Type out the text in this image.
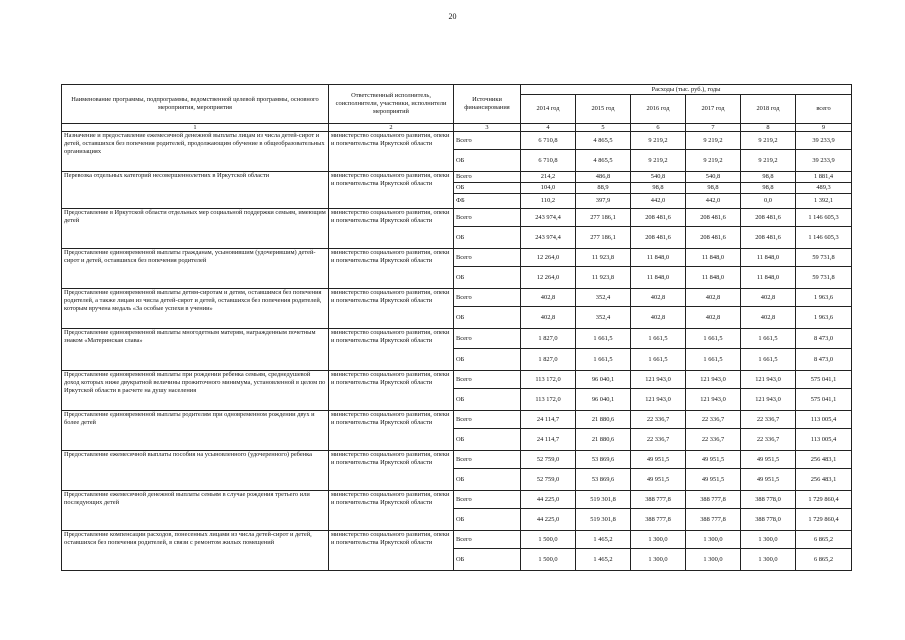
20
Наименование программы, подпрограммы, ведомственной целевой программы, основного мероприятия, мероприятия	Ответственный исполнитель, соисполнители, участники, исполнители мероприятий	Источники финансирования	Расходы (тыс. руб.), годы					
			2014 год	2015 год	2016 год	2017 год	2018 год	всего
1	2	3	4	5	6	7	8	9
Назначение и предоставление ежемесячной денежной выплаты лицам из числа детей-сирот и детей, оставшихся без попечения родителей, продолжающим обучение в общеобразовательных организациях	министерство социального развития, опеки и попечительства Иркутской области	Всего	6 710,8	4 865,5	9 219,2	9 219,2	9 219,2	39 233,9
		ОБ	6 710,8	4 865,5	9 219,2	9 219,2	9 219,2	39 233,9
Перевозка отдельных категорий несовершеннолетних в Иркутской области	министерство социального развития, опеки и попечительства Иркутской области	Всего	214,2	486,8	540,8	540,8	98,8	1 881,4
		ОБ	104,0	88,9	98,8	98,8	98,8	489,3
		ФБ	110,2	397,9	442,0	442,0	0,0	1 392,1
Предоставление в Иркутской области отдельных мер социальной поддержки семьям, имеющим детей	министерство социального развития, опеки и попечительства Иркутской области	Всего	243 974,4	277 186,1	208 481,6	208 481,6	208 481,6	1 146 605,3
		ОБ	243 974,4	277 186,1	208 481,6	208 481,6	208 481,6	1 146 605,3
Предоставление единовременной выплаты гражданам, усыновившим (удочерившим) детей-сирот и детей, оставшихся без попечения родителей	министерство социального развития, опеки и попечительства Иркутской области	Всего	12 264,0	11 923,8	11 848,0	11 848,0	11 848,0	59 731,8
		ОБ	12 264,0	11 923,8	11 848,0	11 848,0	11 848,0	59 731,8
Предоставление единовременной выплаты детям-сиротам и детям, оставшимся без попечения родителей, а также лицам из числа детей-сирот и детей, оставшихся без попечения родителей, которым вручена медаль «За особые успехи в учении»	министерство социального развития, опеки и попечительства Иркутской области	Всего	402,8	352,4	402,8	402,8	402,8	1 963,6
		ОБ	402,8	352,4	402,8	402,8	402,8	1 963,6
Предоставление единовременной выплаты многодетным матерям, награжденным почетным знаком «Материнская слава»	министерство социального развития, опеки и попечительства Иркутской области	Всего	1 827,0	1 661,5	1 661,5	1 661,5	1 661,5	8 473,0
		ОБ	1 827,0	1 661,5	1 661,5	1 661,5	1 661,5	8 473,0
Предоставление единовременной выплаты при рождении ребенка семьям, среднедушевой доход которых ниже двукратной величины прожиточного минимума, установленной в целом по Иркутской области в расчете на душу населения	министерство социального развития, опеки и попечительства Иркутской области	Всего	113 172,0	96 040,1	121 943,0	121 943,0	121 943,0	575 041,1
		ОБ	113 172,0	96 040,1	121 943,0	121 943,0	121 943,0	575 041,1
Предоставление единовременной выплаты родителям при одновременном рождении двух и более детей	министерство социального развития, опеки и попечительства Иркутской области	Всего	24 114,7	21 880,6	22 336,7	22 336,7	22 336,7	113 005,4
		ОБ	24 114,7	21 880,6	22 336,7	22 336,7	22 336,7	113 005,4
Предоставление ежемесячной выплаты пособия на усыновленного (удочеренного) ребенка	министерство социального развития, опеки и попечительства Иркутской области	Всего	52 759,0	53 869,6	49 951,5	49 951,5	49 951,5	256 483,1
		ОБ	52 759,0	53 869,6	49 951,5	49 951,5	49 951,5	256 483,1
Предоставление ежемесячной денежной выплаты семьям в случае рождения третьего или последующих детей	министерство социального развития, опеки и попечительства Иркутской области	Всего	44 225,0	519 301,8	388 777,8	388 777,8	388 778,0	1 729 860,4
		ОБ	44 225,0	519 301,8	388 777,8	388 777,8	388 778,0	1 729 860,4
Предоставление компенсации расходов, понесенных лицами из числа детей-сирот и детей, оставшихся без попечения родителей, в связи с ремонтом жилых помещений	министерство социального развития, опеки и попечительства Иркутской области	Всего	1 500,0	1 465,2	1 300,0	1 300,0	1 300,0	6 865,2
		ОБ	1 500,0	1 465,2	1 300,0	1 300,0	1 300,0	6 865,2
